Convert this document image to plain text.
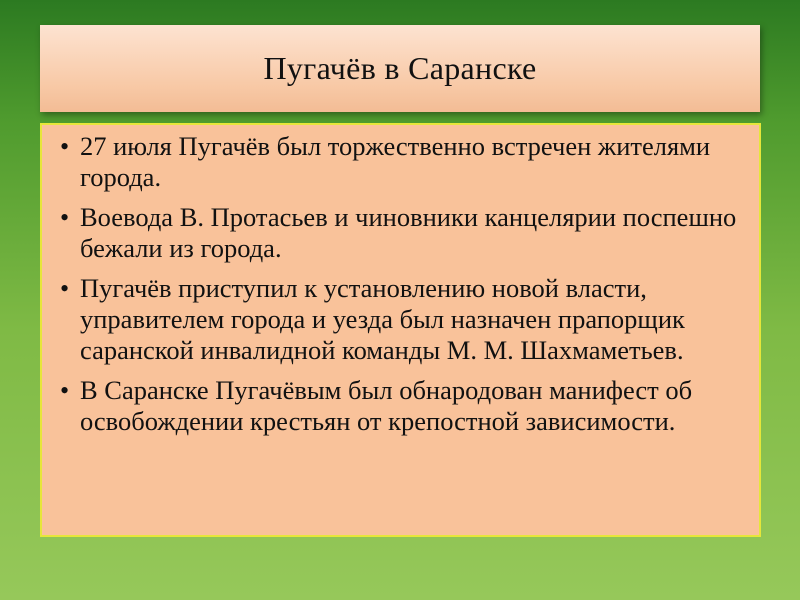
Пугачёв в Саранске
• 27 июля Пугачёв был торжественно встречен жителями города.
• Воевода В. Протасьев и чиновники канцелярии поспешно бежали из города.
• Пугачёв приступил к установлению новой власти, управителем города и уезда был назначен прапорщик саранской инвалидной команды М. М. Шахмаметьев.
• В Саранске Пугачёвым был обнародован манифест об освобождении крестьян от крепостной зависимости.
